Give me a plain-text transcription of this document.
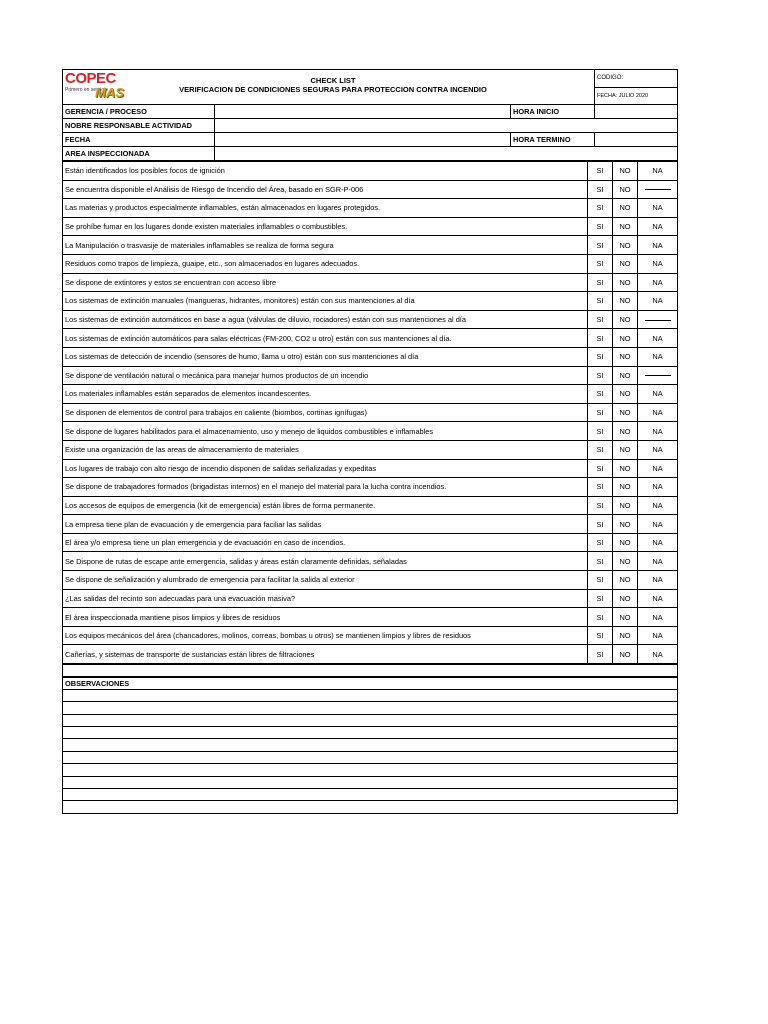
COPEC
Primero en servicio
MAS
CHECK LIST
VERIFICACION DE CONDICIONES SEGURAS PARA PROTECCION CONTRA INCENDIO			CODIGO:
			FECHA: JULIO 2020
GERENCIA / PROCESO		HORA INICIO	
NOBRE RESPONSABLE ACTIVIDAD			
FECHA		HORA TERMINO	
AREA INSPECCIONADA			
Están identificados los posibles focos de ignición	SI	NO	NA
Se encuentra disponible el Análisis de Riesgo de Incendio del Área, basado en SGR-P-006	SI	NO	
Las materias y productos especialmente inflamables, están almacenados en lugares protegidos.	SI	NO	NA
Se prohíbe fumar en los lugares donde existen materiales inflamables o combustibles.	SI	NO	NA
La Manipulación o trasvasije de materiales inflamables se realiza de forma segura	SI	NO	NA
Residuos como trapos de limpieza, guaipe, etc., son almacenados en lugares adecuados.	SI	NO	NA
Se dispone de extintores y estos se encuentran con acceso libre	SI	NO	NA
Los sistemas de extinción manuales (mangueras, hidrantes, monitores) están con sus mantenciones al día	SI	NO	NA
Los sistemas de extinción automáticos en base a agua (válvulas de diluvio, rociadores) están con sus mantenciones al día	SI	NO	
Los sistemas de extinción automáticos para salas eléctricas (FM-200, CO2 u otro) están con sus mantenciones al día.	SI	NO	NA
Los sistemas de detección de incendio (sensores de humo, llama u otro) están con sus mantenciones al día	SI	NO	NA
Se dispone de ventilación natural o mecánica para manejar humos productos de un incendio	SI	NO	
Los materiales inflamables están separados de elementos incandescentes.	SI	NO	NA
Se disponen de elementos de control para trabajos en caliente (biombos, cortinas ignífugas)	SI	NO	NA
Se dispone de lugares habilitados para el almacenamiento, uso y menejo de liquidos combustibles e inflamables	SI	NO	NA
Existe una organización de las areas de almacenamiento de materiales	SI	NO	NA
Los lugares de trabajo con alto riesgo de incendio disponen de salidas señalizadas y expeditas	SI	NO	NA
Se dispone de trabajadores formados (brigadistas internos) en el manejo del material para la lucha contra incendios.	SI	NO	NA
Los accesos de equipos de emergencia (kit de emergencia) están libres de forma permanente.	SI	NO	NA
La empresa tiene plan de evacuación y de emergencia para faciliar las salidas	SI	NO	NA
El área y/o empresa tiene un plan emergencia y de evacuación en caso de incendios.	SI	NO	NA
Se Dispone de rutas de escape ante emergencia, salidas y áreas están claramente definidas, señaladas	SI	NO	NA
Se dispone de señalización y alumbrado de emergencia para facilitar la salida al exterior	SI	NO	NA
¿Las salidas del recinto son adecuadas para una evacuación masiva?	SI	NO	NA
El área inspeccionada mantiene pisos limpios y libres de residuos	SI	NO	NA
Los equipos mecánicos del área (chancadores, molinos, correas, bombas u otros) se mantienen limpios y libres de residuos	SI	NO	NA
Cañerías, y sistemas de transporte de sustancias están libres de filtraciones	SI	NO	NA

OBSERVACIONES
